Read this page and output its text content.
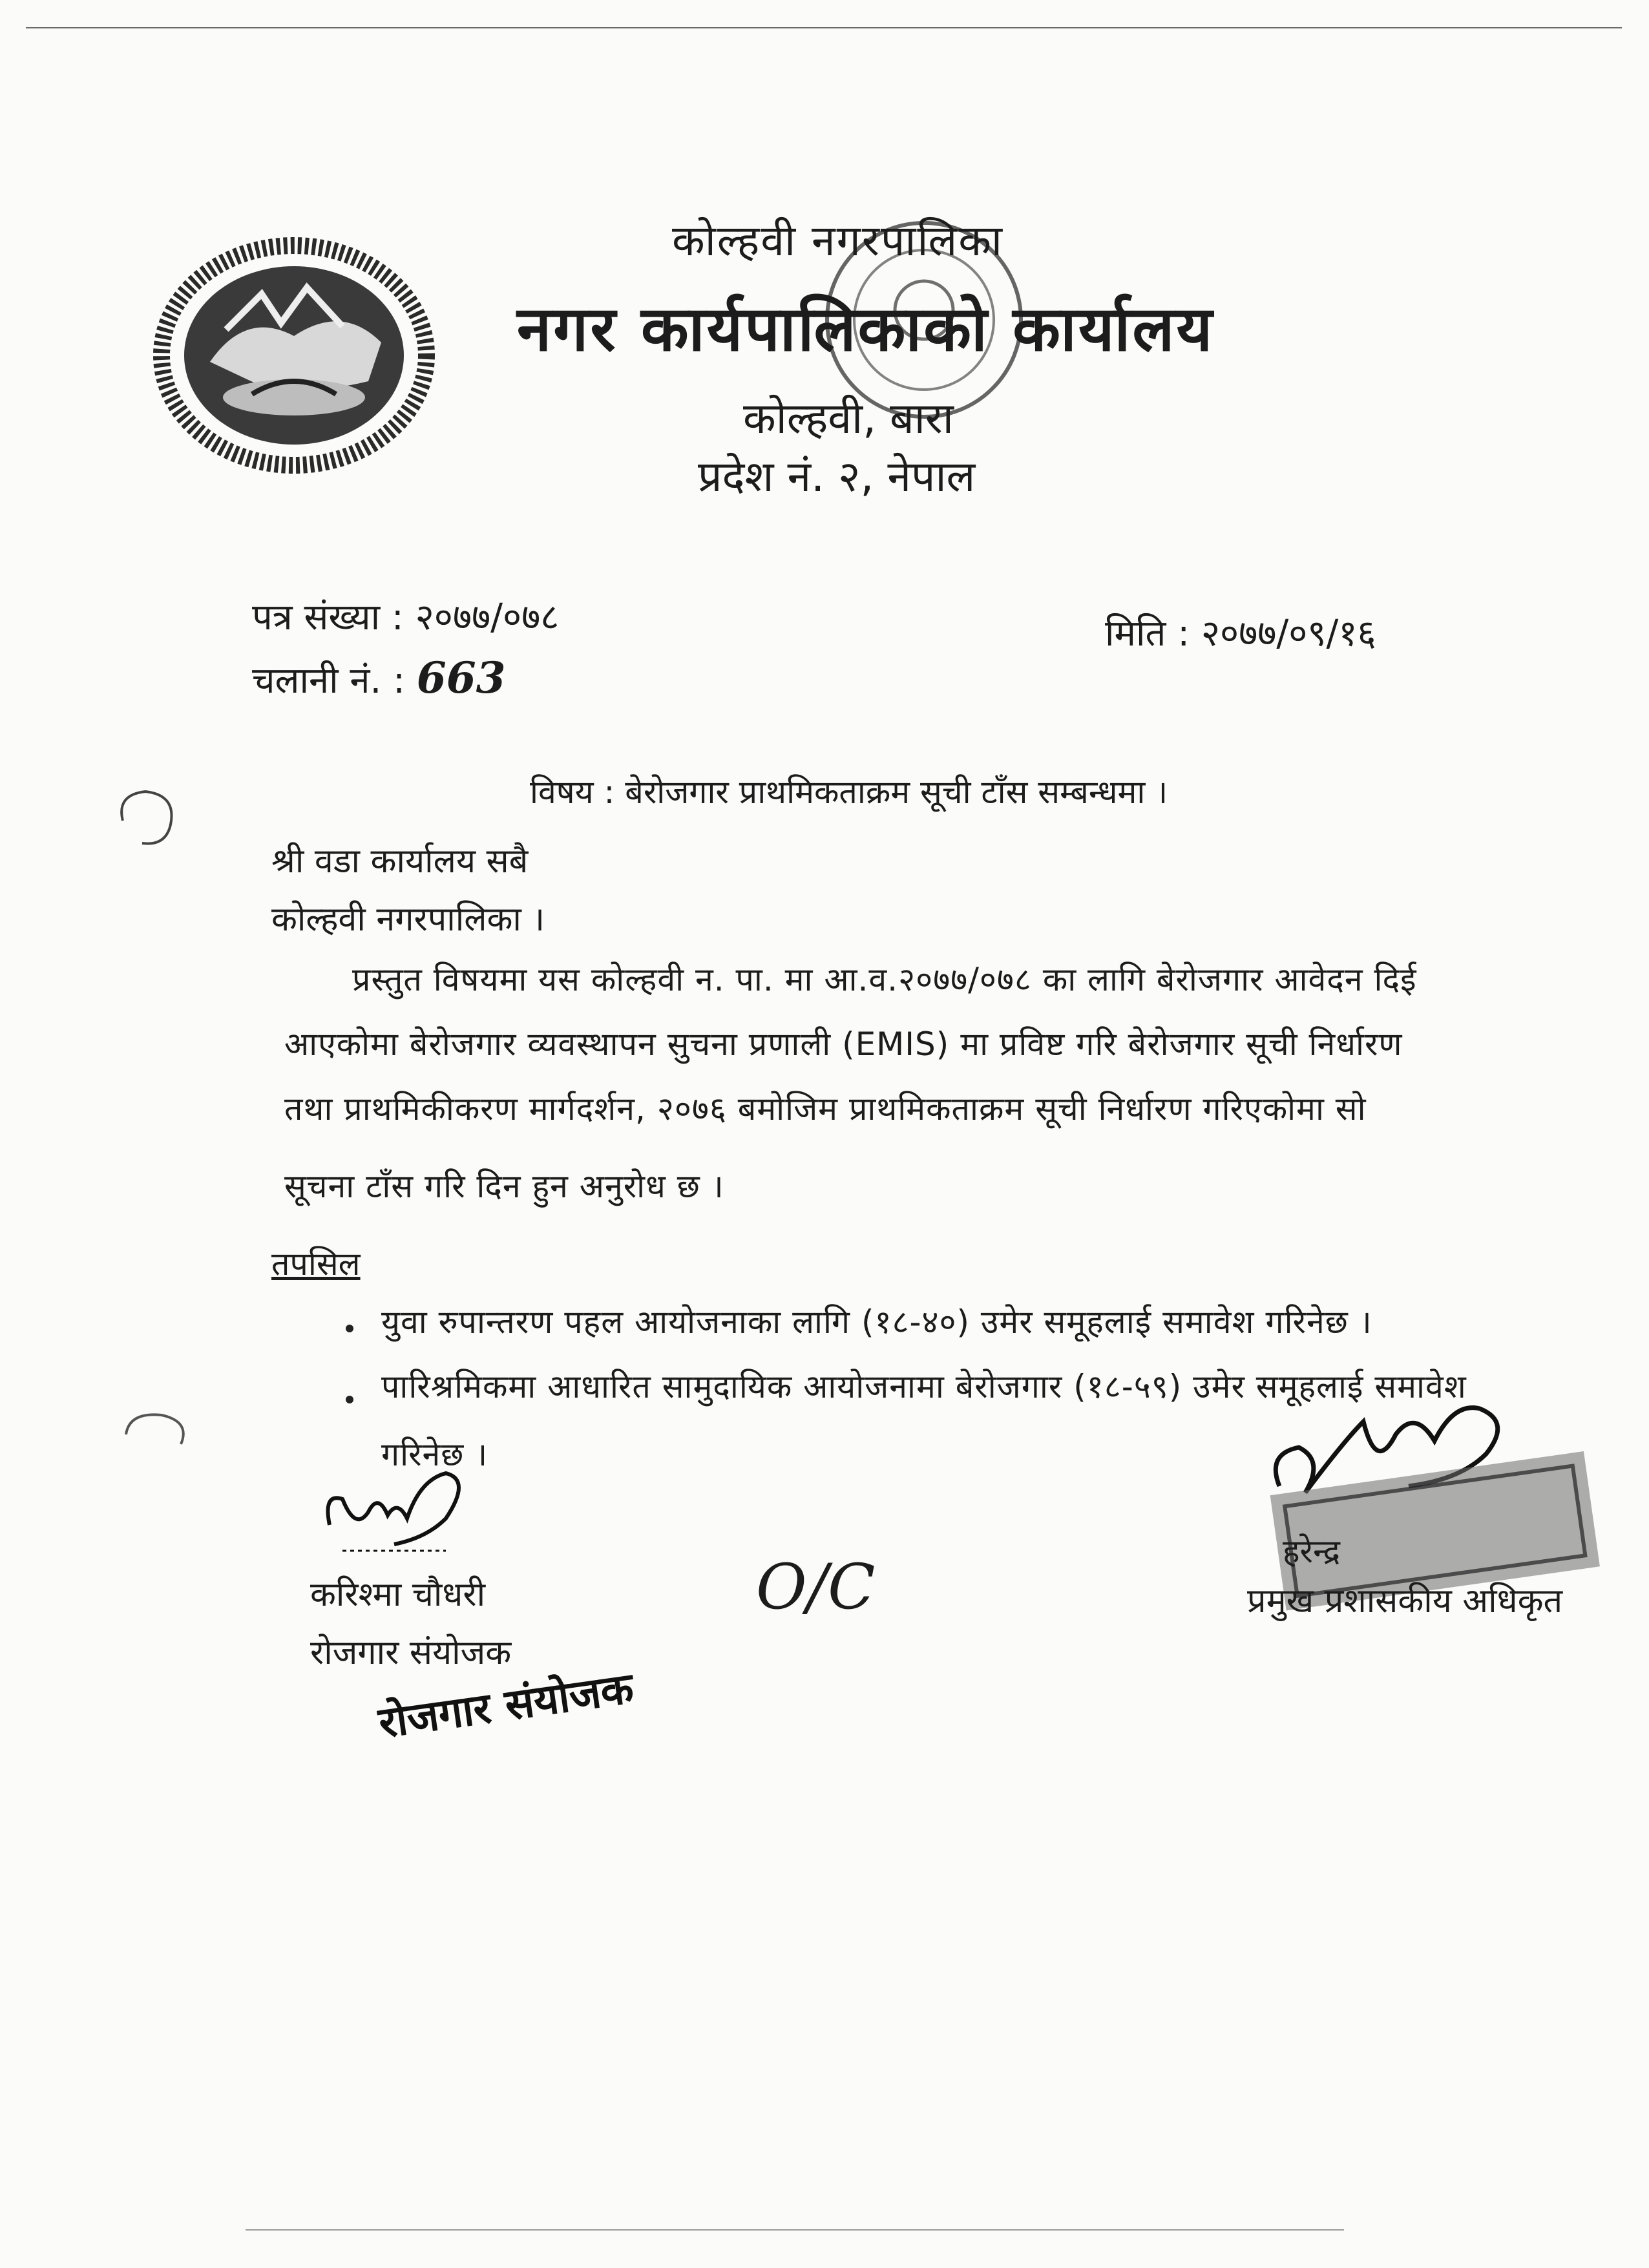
कोल्हवी नगरपालिका
नगर कार्यपालिकाको कार्यालय
कोल्हवी, बारा
प्रदेश नं. २, नेपाल
पत्र संख्या : २०७७/०७८
चलानी नं. : 663
मिति : २०७७/०९/१६
विषय : बेरोजगार प्राथमिकताक्रम सूची टाँस सम्बन्धमा ।
श्री वडा कार्यालय सबै
कोल्हवी नगरपालिका ।
प्रस्तुत विषयमा यस कोल्हवी न. पा. मा आ.व.२०७७/०७८ का लागि बेरोजगार आवेदन दिई
आएकोमा बेरोजगार व्यवस्थापन सुचना प्रणाली (EMIS) मा प्रविष्ट गरि बेरोजगार सूची निर्धारण
तथा प्राथमिकीकरण मार्गदर्शन, २०७६ बमोजिम प्राथमिकताक्रम सूची निर्धारण गरिएकोमा सो
सूचना टाँस गरि दिन हुन अनुरोध छ ।
तपसिल
युवा रुपान्तरण पहल आयोजनाका लागि (१८-४०) उमेर समूहलाई समावेश गरिनेछ ।
पारिश्रमिकमा आधारित सामुदायिक आयोजनामा बेरोजगार (१८-५९) उमेर समूहलाई समावेश
गरिनेछ ।
करिश्मा चौधरी
रोजगार संयोजक
रोजगार संयोजक
O/C	हरेन्द्र
प्रमुख प्रशासकीय अधिकृत
